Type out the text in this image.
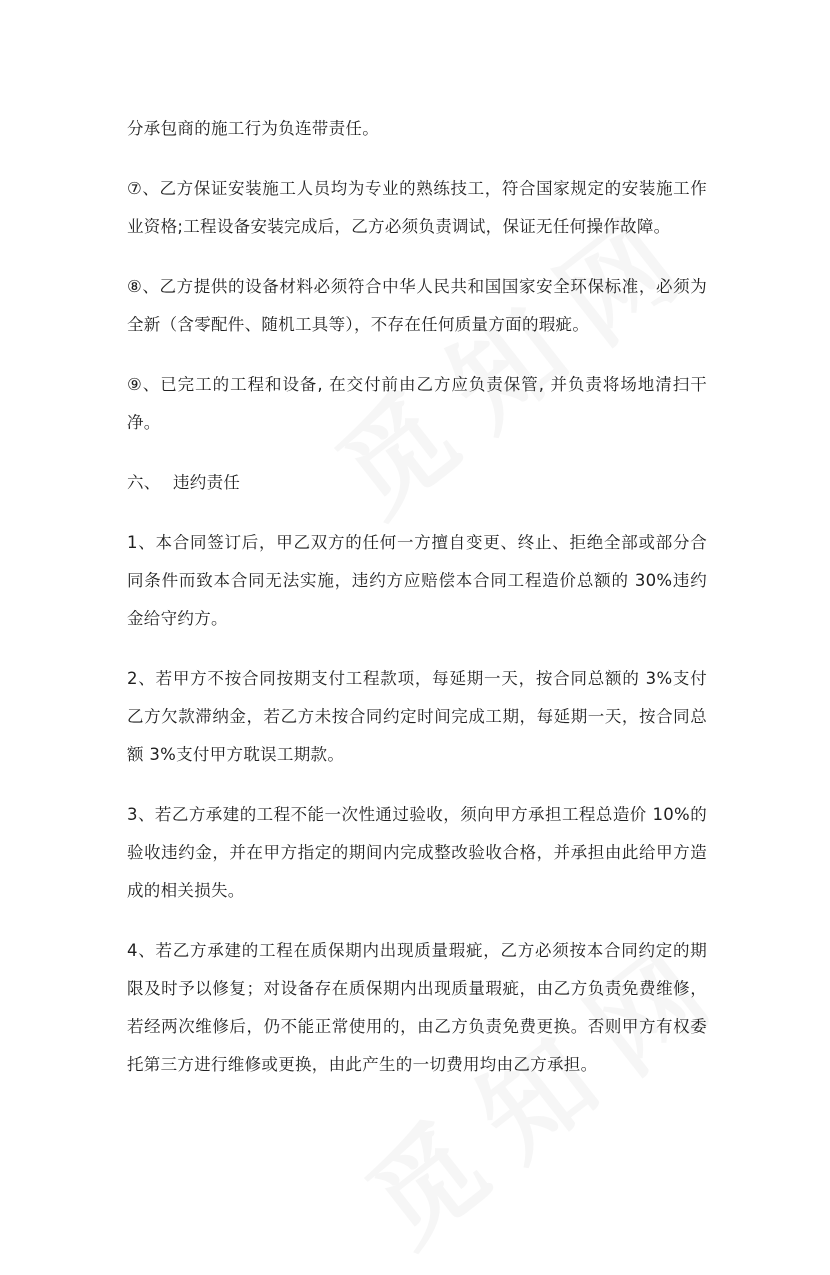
分承包商的施工行为负连带责任。

⑦、乙方保证安装施工人员均为专业的熟练技工，符合国家规定的安装施工作业资格;工程设备安装完成后，乙方必须负责调试，保证无任何操作故障。

⑧、乙方提供的设备材料必须符合中华人民共和国国家安全环保标准，必须为全新（含零配件、随机工具等），不存在任何质量方面的瑕疵。

⑨、已完工的工程和设备, 在交付前由乙方应负责保管, 并负责将场地清扫干净。

六、 违约责任

1、本合同签订后，甲乙双方的任何一方擅自变更、终止、拒绝全部或部分合同条件而致本合同无法实施，违约方应赔偿本合同工程造价总额的 30%违约金给守约方。

2、若甲方不按合同按期支付工程款项，每延期一天，按合同总额的 3%支付乙方欠款滞纳金，若乙方未按合同约定时间完成工期，每延期一天，按合同总额 3%支付甲方耽误工期款。

3、若乙方承建的工程不能一次性通过验收，须向甲方承担工程总造价 10%的验收违约金，并在甲方指定的期间内完成整改验收合格，并承担由此给甲方造成的相关损失。

4、若乙方承建的工程在质保期内出现质量瑕疵，乙方必须按本合同约定的期限及时予以修复；对设备存在质保期内出现质量瑕疵，由乙方负责免费维修，若经两次维修后，仍不能正常使用的，由乙方负责免费更换。否则甲方有权委托第三方进行维修或更换，由此产生的一切费用均由乙方承担。
